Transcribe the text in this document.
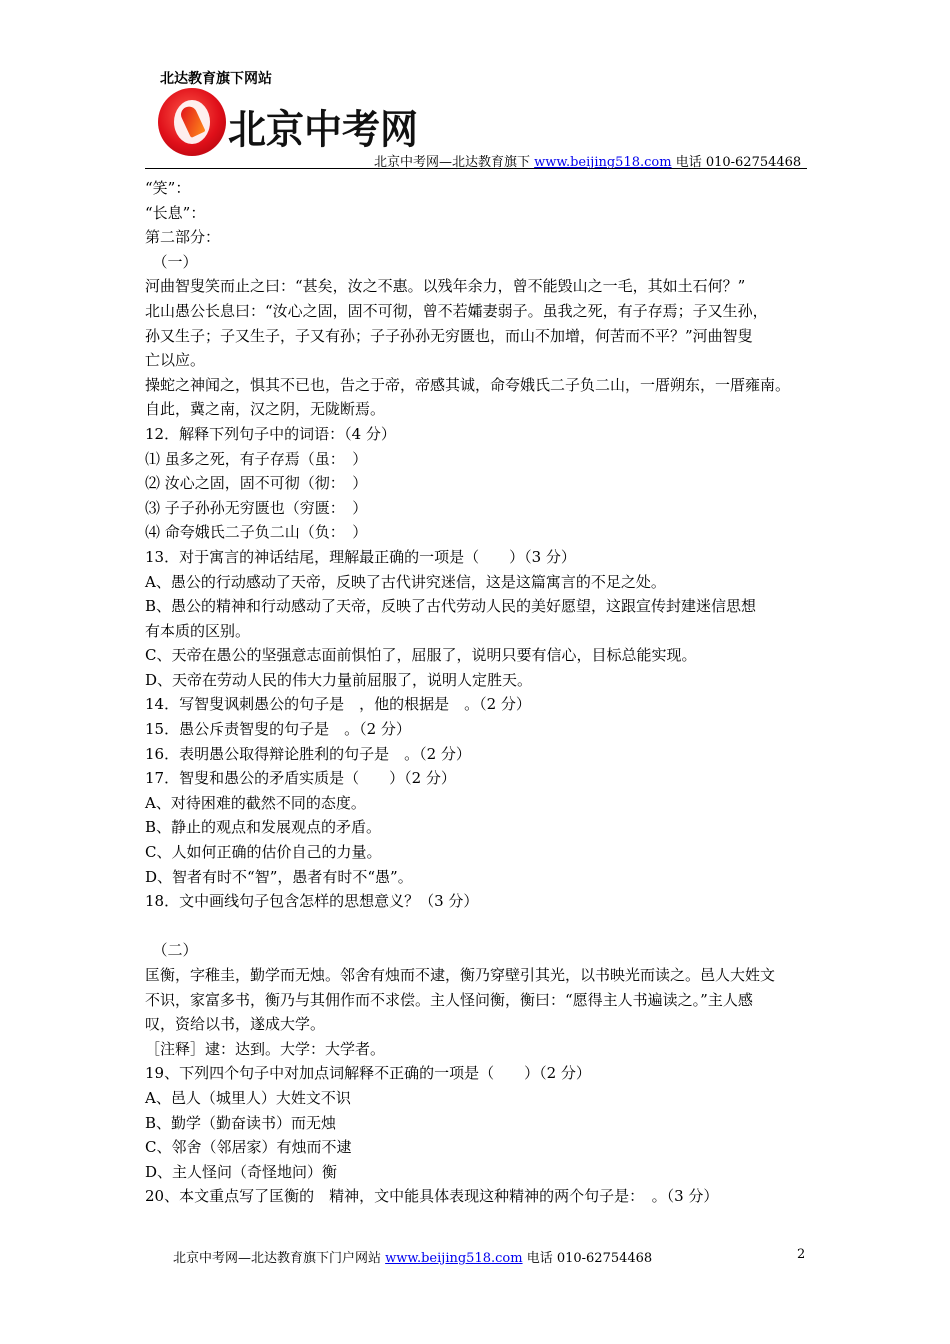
北达教育旗下网站
北京中考网
北京中考网—北达教育旗下 www.beijing518.com 电话 010-62754468

“笑”：

“长息”：

第二部分：

　（一）

河曲智叟笑而止之曰：“甚矣，汝之不惠。以残年余力，曾不能毁山之一毛，其如土石何？”

北山愚公长息曰：“汝心之固，固不可彻，曾不若孀妻弱子。虽我之死，有子存焉；子又生孙，

孙又生子；子又生子，子又有孙；子子孙孙无穷匮也，而山不加增，何苦而不平？”河曲智叟

亡以应。

操蛇之神闻之，惧其不已也，告之于帝，帝感其诚，命夸娥氏二子负二山，一厝朔东，一厝雍南。

自此，冀之南，汉之阴，无陇断焉。

12．解释下列句子中的词语：（4 分）

⑴ 虽多之死，有子存焉（虽：　）

⑵ 汝心之固，固不可彻（彻：　）

⑶ 子子孙孙无穷匮也（穷匮：　）

⑷ 命夸娥氏二子负二山（负：　）

13．对于寓言的神话结尾，理解最正确的一项是（　　）（3 分）

A、愚公的行动感动了天帝，反映了古代讲究迷信，这是这篇寓言的不足之处。

B、愚公的精神和行动感动了天帝，反映了古代劳动人民的美好愿望，这跟宣传封建迷信思想

有本质的区别。

C、天帝在愚公的坚强意志面前惧怕了，屈服了，说明只要有信心，目标总能实现。

D、天帝在劳动人民的伟大力量前屈服了，说明人定胜天。

14．写智叟讽刺愚公的句子是　，他的根据是　。（2 分）

15．愚公斥责智叟的句子是　。（2 分）

16．表明愚公取得辩论胜利的句子是　。（2 分）

17．智叟和愚公的矛盾实质是（　　）（2 分）

A、对待困难的截然不同的态度。

B、静止的观点和发展观点的矛盾。

C、人如何正确的估价自己的力量。

D、智者有时不“智”，愚者有时不“愚”。

18．文中画线句子包含怎样的思想意义？（3 分）

　（二）

匡衡，字稚圭，勤学而无烛。邻舍有烛而不逮，衡乃穿壁引其光，以书映光而读之。邑人大姓文

不识，家富多书，衡乃与其佣作而不求偿。主人怪问衡，衡曰：“愿得主人书遍读之。”主人感

叹，资给以书，遂成大学。

［注释］逮：达到。大学：大学者。

19、下列四个句子中对加点词解释不正确的一项是（　　）（2 分）

A、邑人（城里人）大姓文不识

B、勤学（勤奋读书）而无烛

C、邻舍（邻居家）有烛而不逮

D、主人怪问（奇怪地问）衡

20、本文重点写了匡衡的　精神，文中能具体表现这种精神的两个句子是：　。（3 分）

北京中考网—北达教育旗下门户网站 www.beijing518.com 电话 010-62754468	2
